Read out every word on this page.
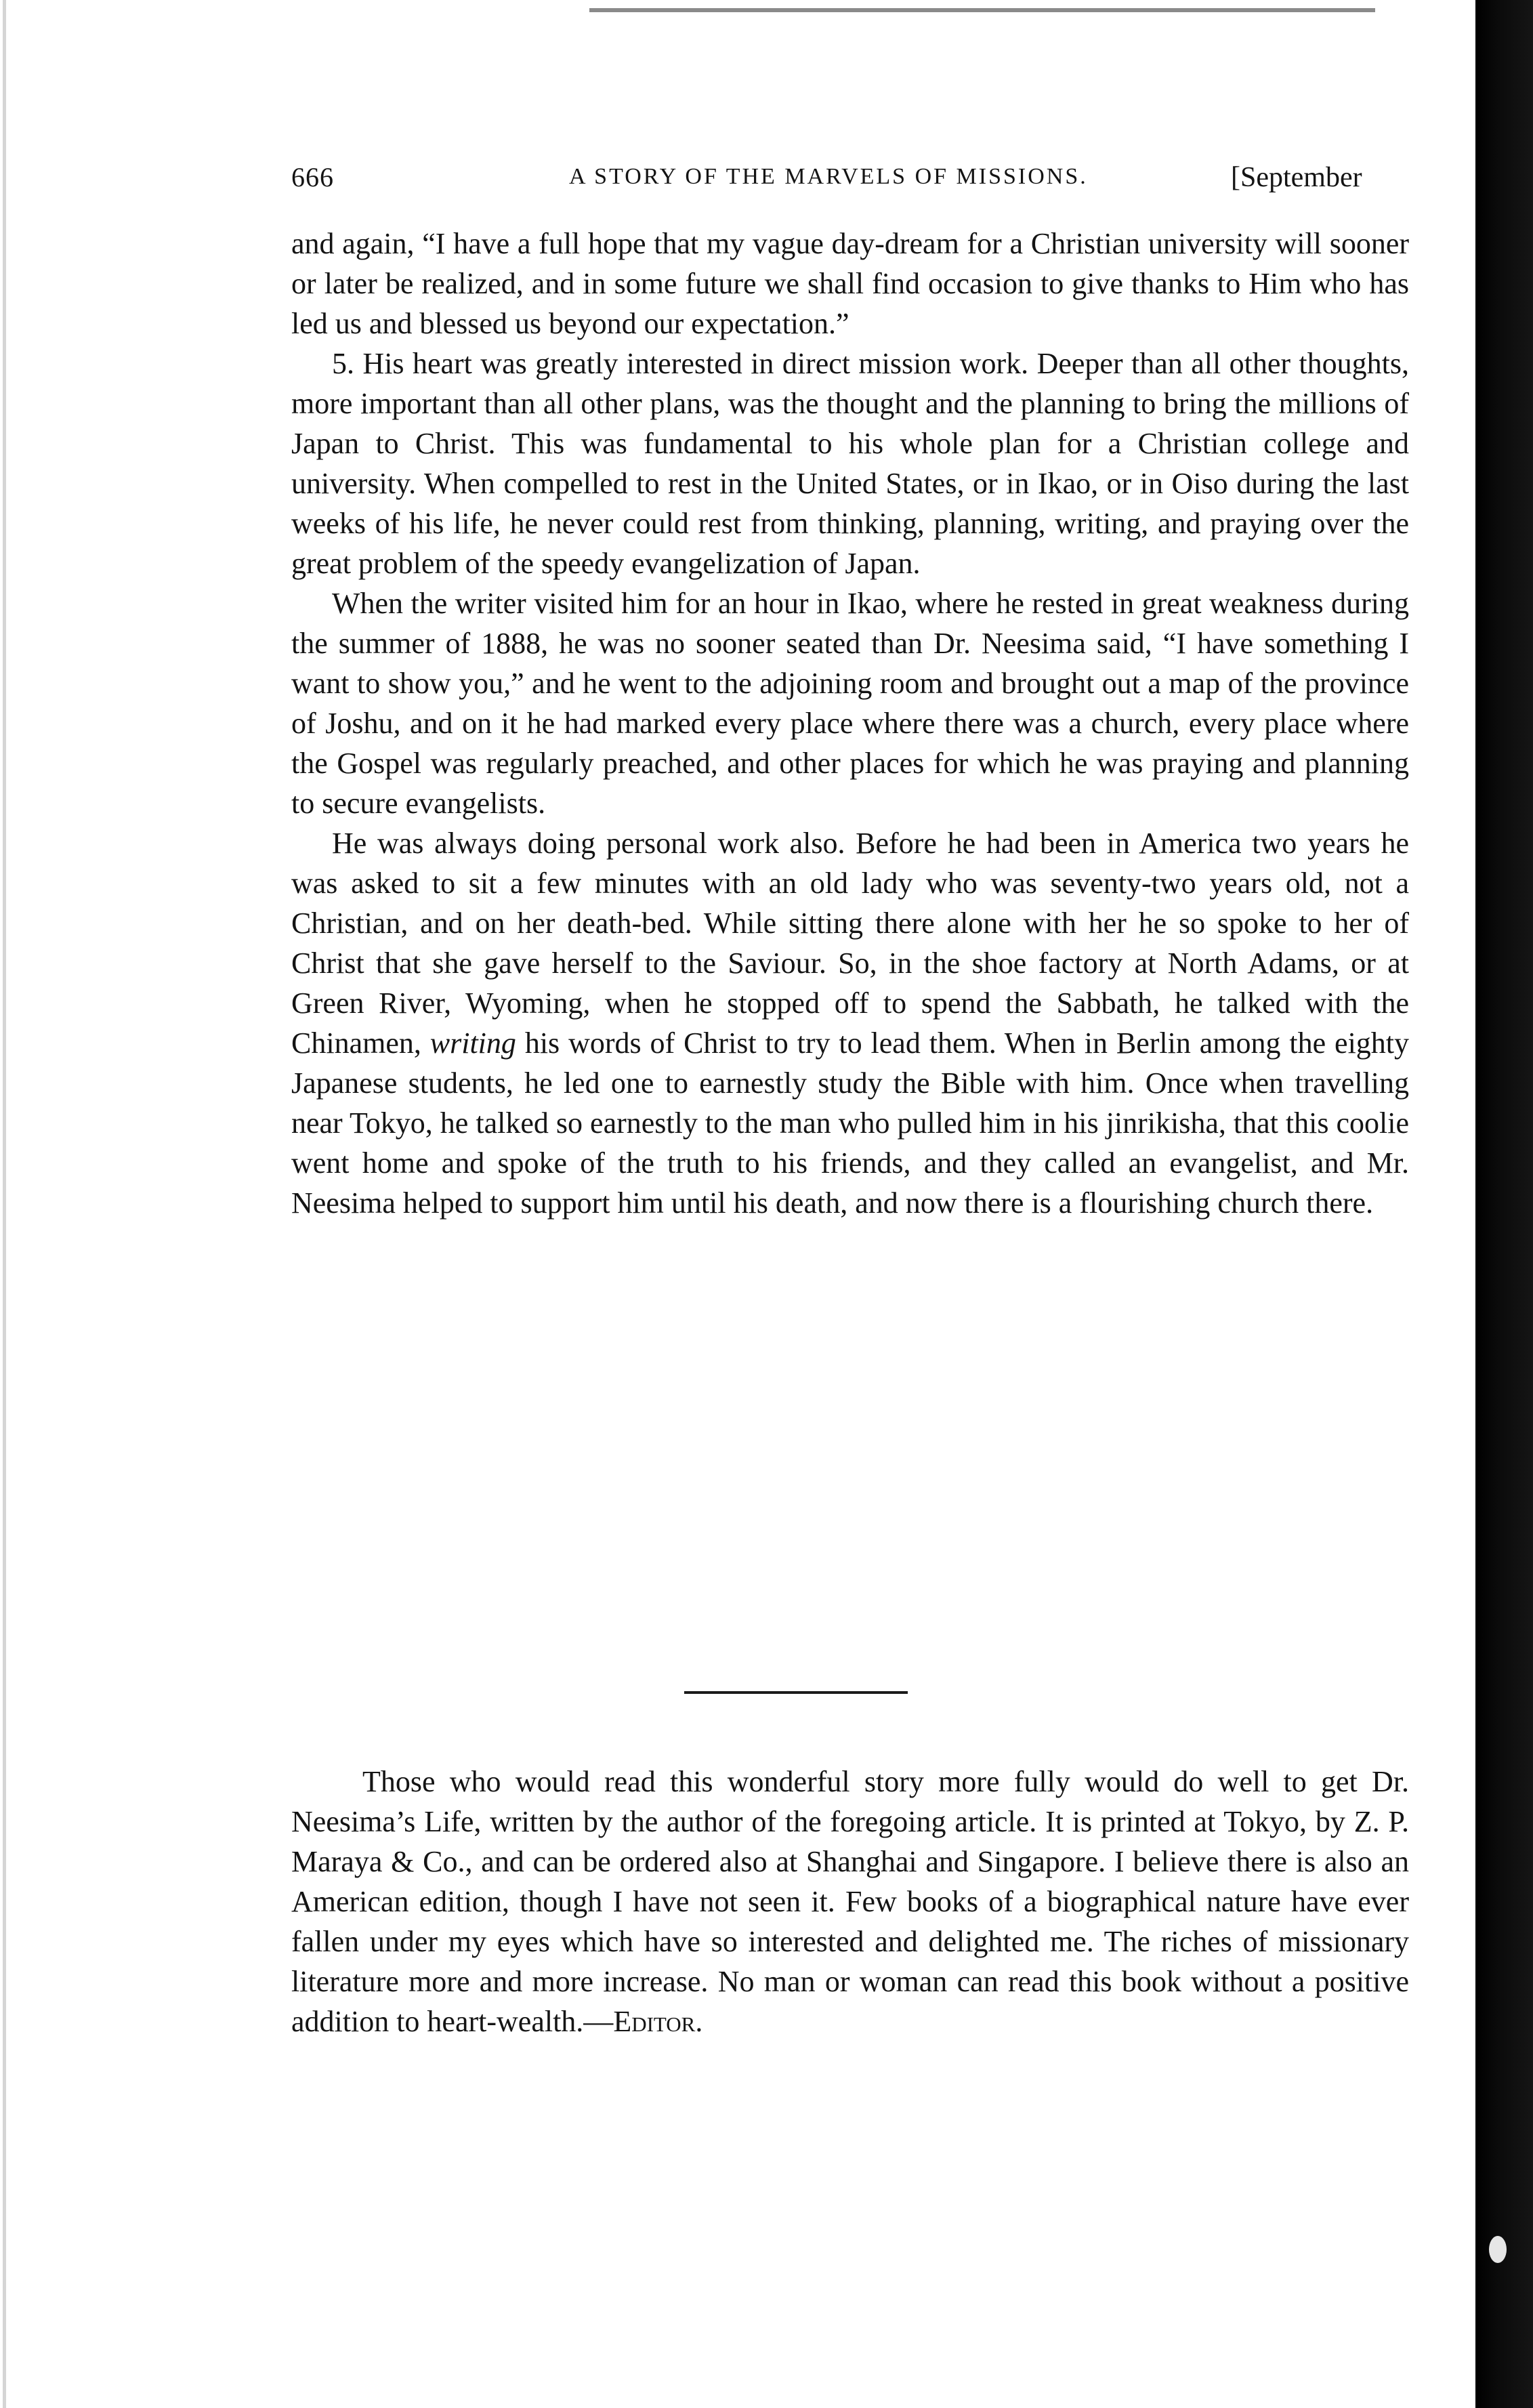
666	A STORY OF THE MARVELS OF MISSIONS.	[September

and again, “I have a full hope that my vague day-dream for a Christian university will sooner or later be realized, and in some future we shall find occasion to give thanks to Him who has led us and blessed us beyond our expectation.”

5. His heart was greatly interested in direct mission work. Deeper than all other thoughts, more important than all other plans, was the thought and the planning to bring the millions of Japan to Christ. This was fundamental to his whole plan for a Christian college and university. When compelled to rest in the United States, or in Ikao, or in Oiso during the last weeks of his life, he never could rest from thinking, planning, writing, and praying over the great problem of the speedy evangelization of Japan.

When the writer visited him for an hour in Ikao, where he rested in great weakness during the summer of 1888, he was no sooner seated than Dr. Neesima said, “I have something I want to show you,” and he went to the adjoining room and brought out a map of the province of Joshu, and on it he had marked every place where there was a church, every place where the Gospel was regularly preached, and other places for which he was praying and planning to secure evangelists.

He was always doing personal work also. Before he had been in America two years he was asked to sit a few minutes with an old lady who was seventy-two years old, not a Christian, and on her death-bed. While sitting there alone with her he so spoke to her of Christ that she gave herself to the Saviour. So, in the shoe factory at North Adams, or at Green River, Wyoming, when he stopped off to spend the Sabbath, he talked with the Chinamen, writing his words of Christ to try to lead them. When in Berlin among the eighty Japanese students, he led one to earnestly study the Bible with him. Once when travelling near Tokyo, he talked so earnestly to the man who pulled him in his jinrikisha, that this coolie went home and spoke of the truth to his friends, and they called an evangelist, and Mr. Neesima helped to support him until his death, and now there is a flourishing church there.

Those who would read this wonderful story more fully would do well to get Dr. Neesima’s Life, written by the author of the foregoing article. It is printed at Tokyo, by Z. P. Maraya & Co., and can be ordered also at Shanghai and Singapore. I believe there is also an American edition, though I have not seen it. Few books of a biographical nature have ever fallen under my eyes which have so interested and delighted me. The riches of missionary literature more and more increase. No man or woman can read this book without a positive addition to heart-wealth.—Editor.
